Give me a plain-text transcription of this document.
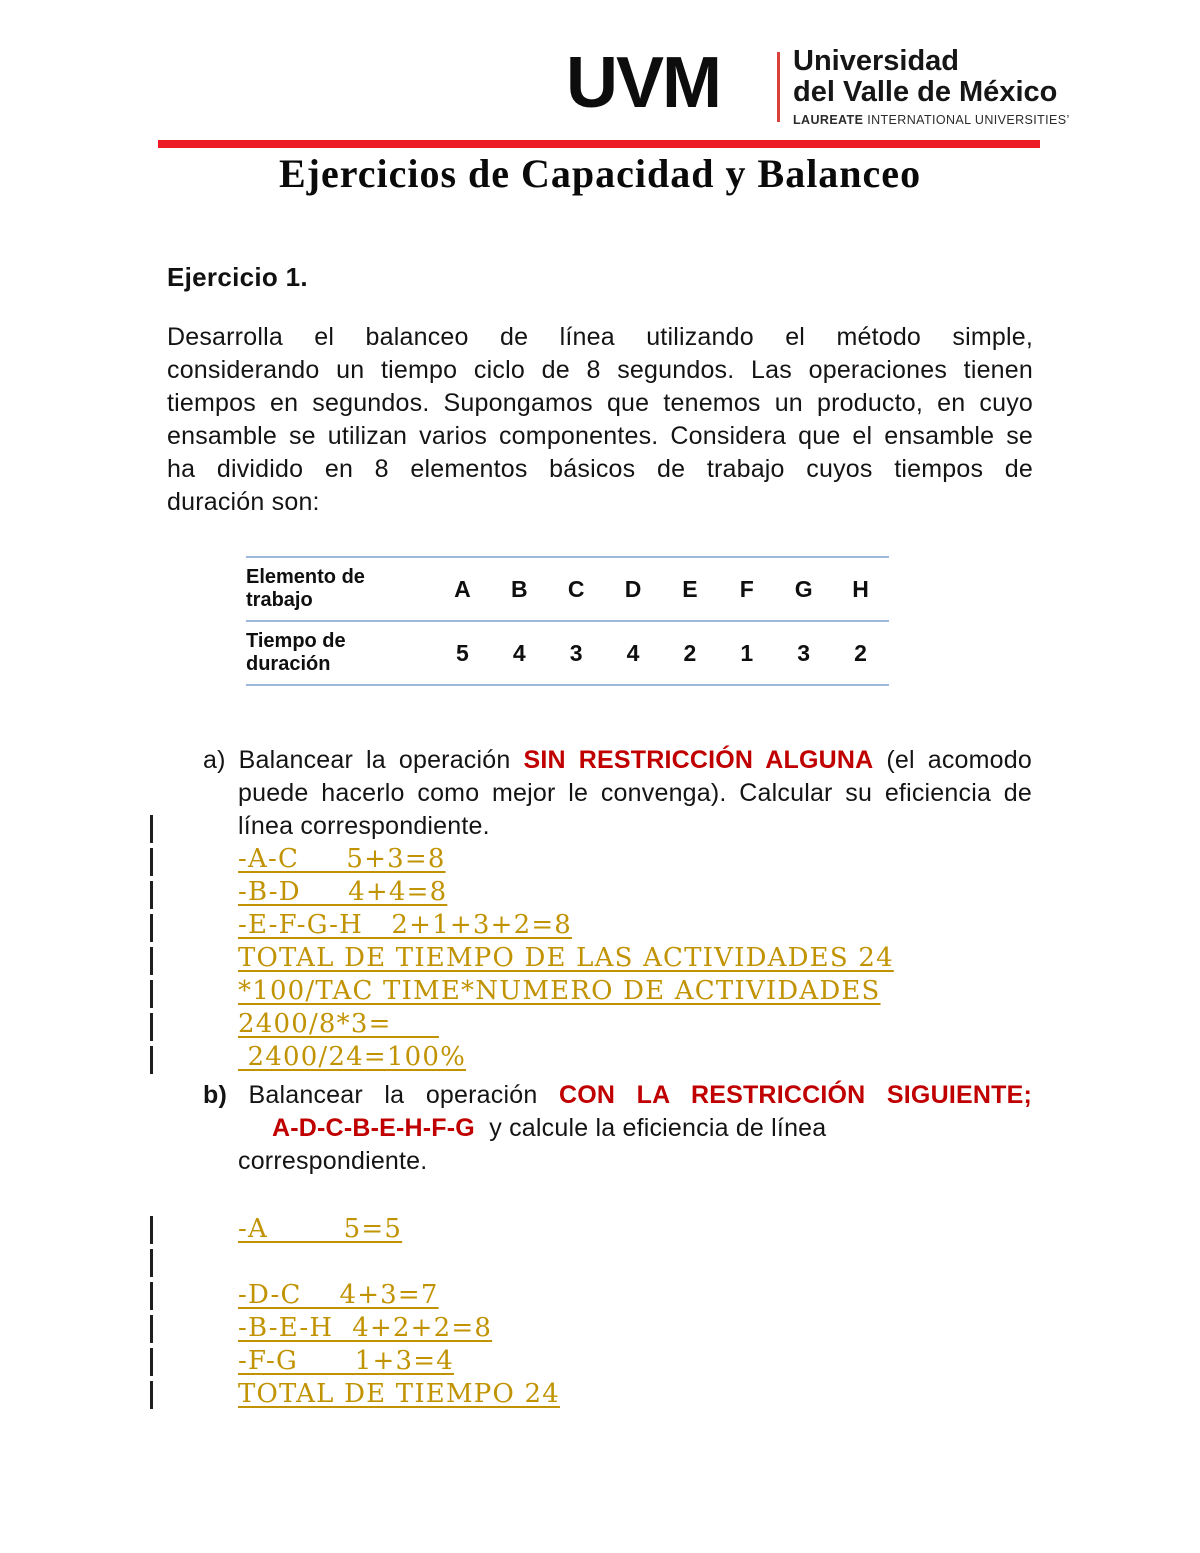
UVM	Universidad
del Valle de México
LAUREATE INTERNATIONAL UNIVERSITIES’
Ejercicios de Capacidad y Balanceo
Ejercicio 1.
Desarrolla el balanceo de línea utilizando el método simple,
considerando un tiempo ciclo de 8 segundos. Las operaciones tienen
tiempos en segundos. Supongamos que tenemos un producto, en cuyo
ensamble se utilizan varios componentes. Considera que el ensamble se
ha dividido en 8 elementos básicos de trabajo cuyos tiempos de
duración son:
Elemento de trabajo	A	B	C	D	E	F	G	H
Tiempo de duración	5	4	3	4	2	1	3	2
a) Balancear la operación SIN RESTRICCIÓN ALGUNA (el acomodo
puede hacerlo como mejor le convenga). Calcular su eficiencia de
línea correspondiente.
-A-C     5+3=8
-B-D     4+4=8
-E-F-G-H   2+1+3+2=8
TOTAL DE TIEMPO DE LAS ACTIVIDADES 24
*100/TAC TIME*NUMERO DE ACTIVIDADES
2400/8*3=
2400/24=100%
b) Balancear la operación CON LA RESTRICCIÓN SIGUIENTE;
A-D-C-B-E-H-F-G  y calcule la eficiencia de línea
correspondiente.
-A        5=5
-D-C    4+3=7
-B-E-H  4+2+2=8
-F-G      1+3=4
TOTAL DE TIEMPO 24
